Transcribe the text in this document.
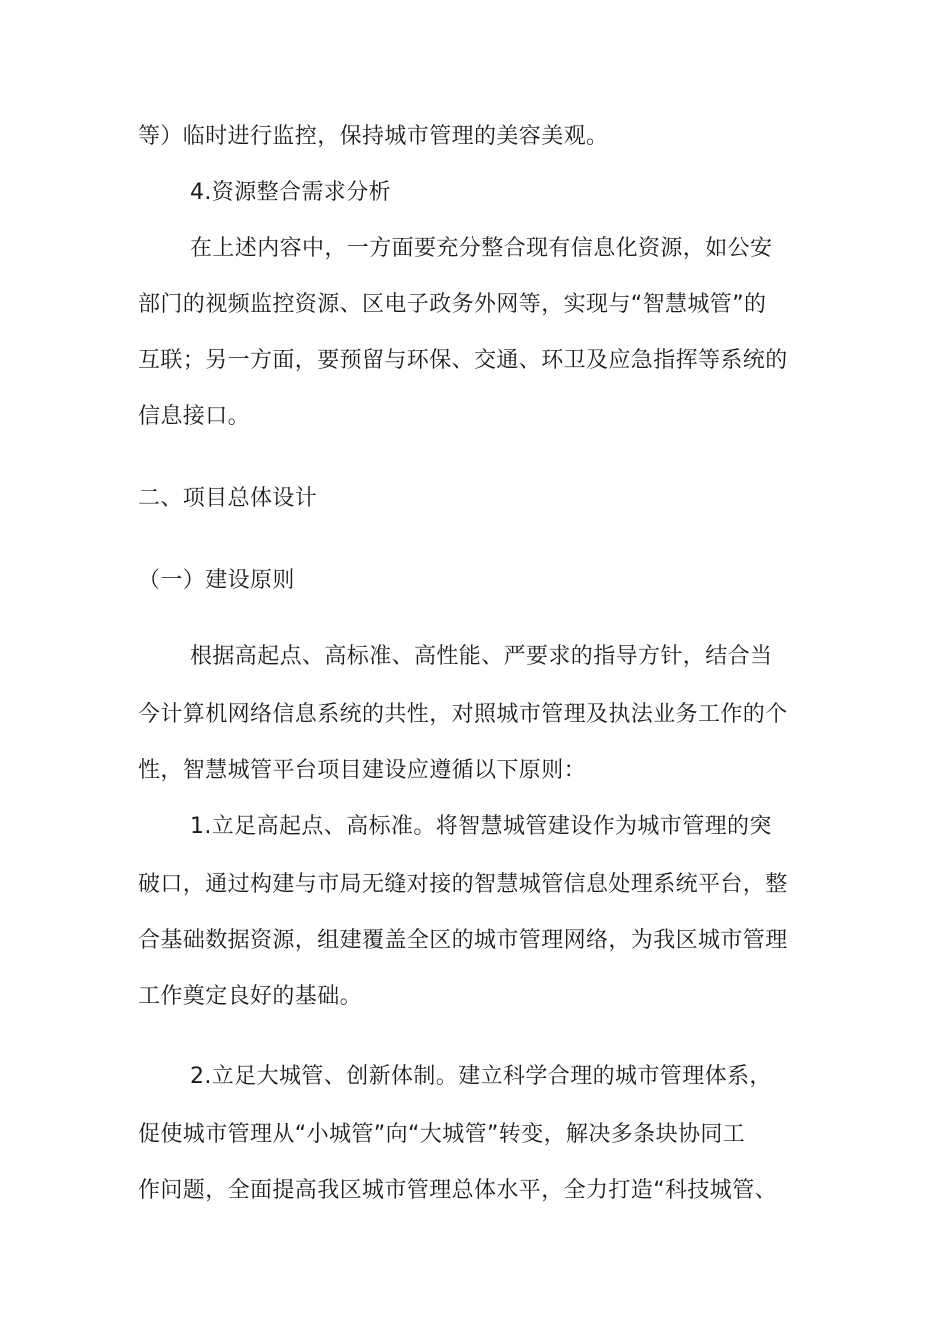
等）临时进行监控，保持城市管理的美容美观。
4.资源整合需求分析
在上述内容中，一方面要充分整合现有信息化资源，如公安
部门的视频监控资源、区电子政务外网等，实现与“智慧城管”的
互联；另一方面，要预留与环保、交通、环卫及应急指挥等系统的
信息接口。
二、项目总体设计
（一）建设原则
根据高起点、高标准、高性能、严要求的指导方针，结合当
今计算机网络信息系统的共性，对照城市管理及执法业务工作的个
性，智慧城管平台项目建设应遵循以下原则：
1.立足高起点、高标准。将智慧城管建设作为城市管理的突
破口，通过构建与市局无缝对接的智慧城管信息处理系统平台，整
合基础数据资源，组建覆盖全区的城市管理网络，为我区城市管理
工作奠定良好的基础。
2.立足大城管、创新体制。建立科学合理的城市管理体系，
促使城市管理从“小城管”向“大城管”转变，解决多条块协同工
作问题，全面提高我区城市管理总体水平，全力打造“科技城管、
